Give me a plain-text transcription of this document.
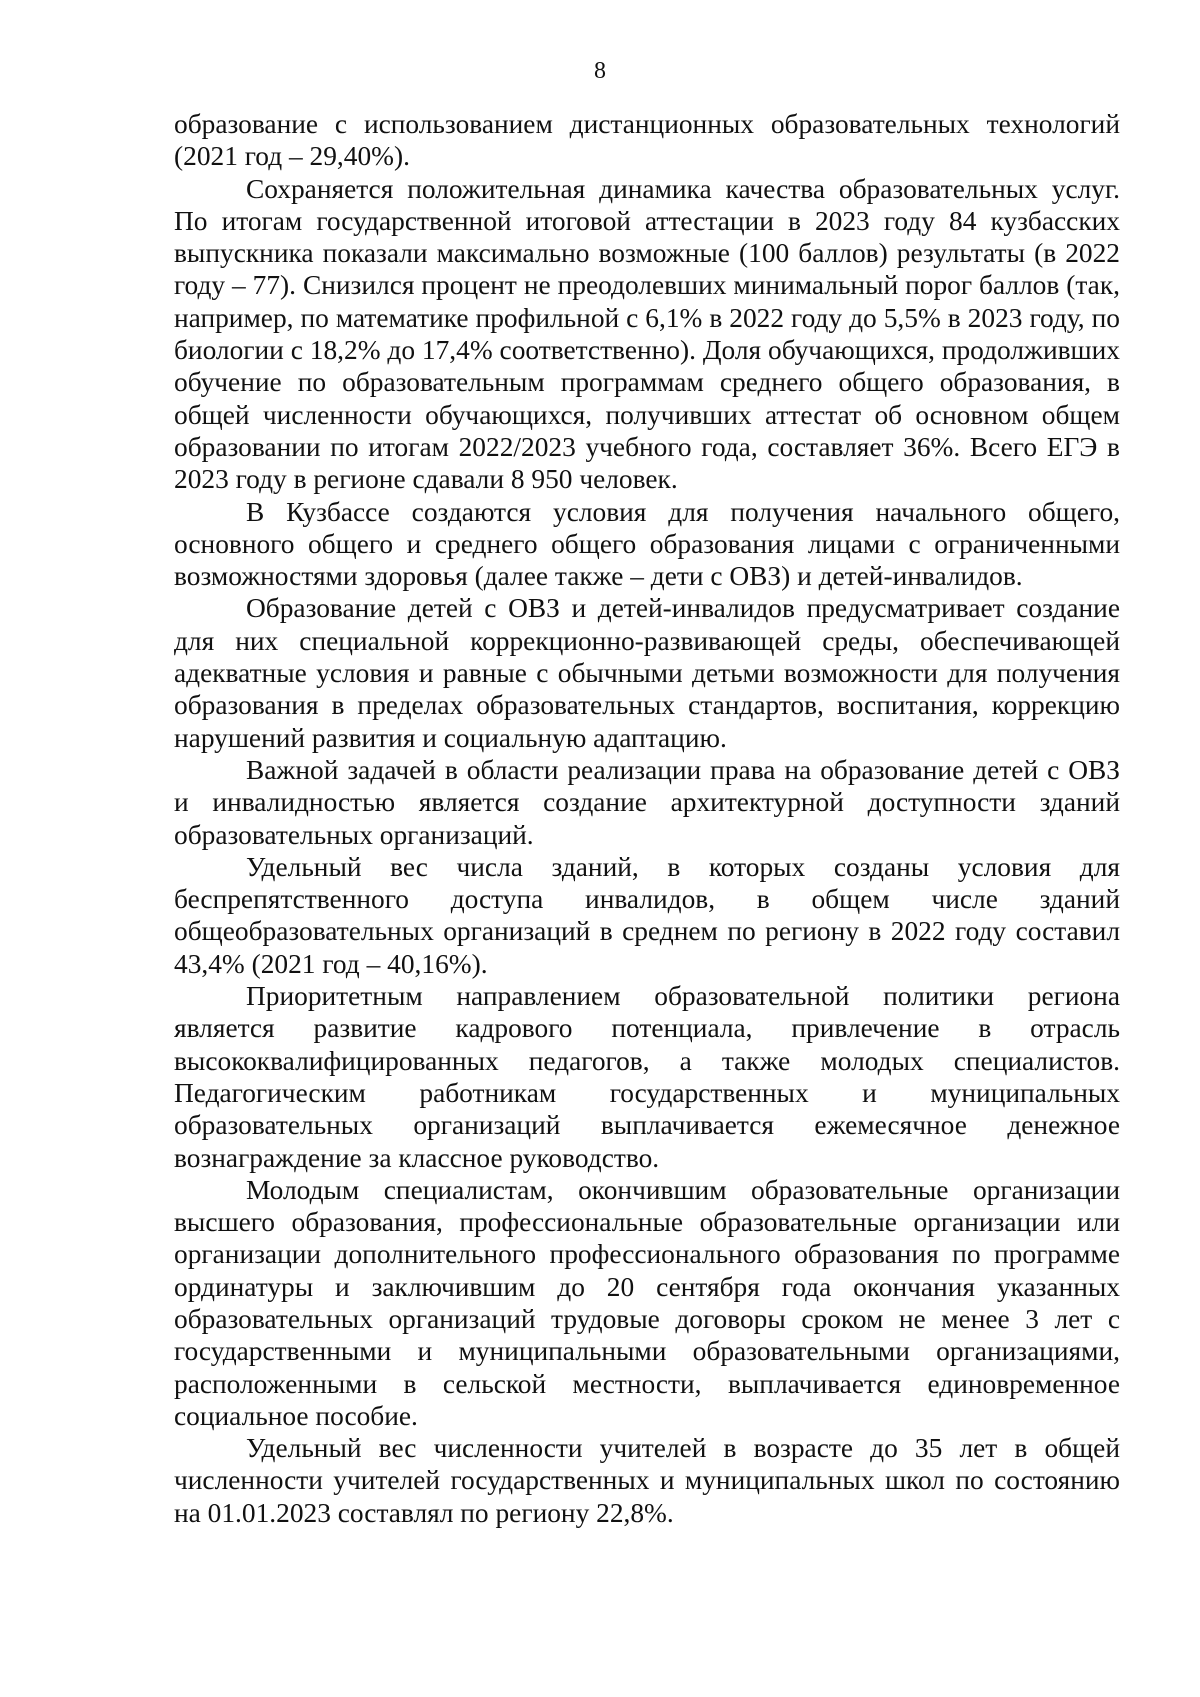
8

образование с использованием дистанционных образовательных технологий (2021 год – 29,40%).

Сохраняется положительная динамика качества образовательных услуг. По итогам государственной итоговой аттестации в 2023 году 84 кузбасских выпускника показали максимально возможные (100 баллов) результаты (в 2022 году – 77). Снизился процент не преодолевших минимальный порог баллов (так, например, по математике профильной с 6,1% в 2022 году до 5,5% в 2023 году, по биологии с 18,2% до 17,4% соответственно). Доля обучающихся, продолживших обучение по образовательным программам среднего общего образования, в общей численности обучающихся, получивших аттестат об основном общем образовании по итогам 2022/2023 учебного года, составляет 36%. Всего ЕГЭ в 2023 году в регионе сдавали 8 950 человек.

В Кузбассе создаются условия для получения начального общего, основного общего и среднего общего образования лицами с ограниченными возможностями здоровья (далее также – дети с ОВЗ) и детей-инвалидов.

Образование детей с ОВЗ и детей-инвалидов предусматривает создание для них специальной коррекционно-развивающей среды, обеспечивающей адекватные условия и равные с обычными детьми возможности для получения образования в пределах образовательных стандартов, воспитания, коррекцию нарушений развития и социальную адаптацию.

Важной задачей в области реализации права на образование детей с ОВЗ и инвалидностью является создание архитектурной доступности зданий образовательных организаций.

Удельный вес числа зданий, в которых созданы условия для беспрепятственного доступа инвалидов, в общем числе зданий общеобразовательных организаций в среднем по региону в 2022 году составил 43,4% (2021 год – 40,16%).

Приоритетным направлением образовательной политики региона является развитие кадрового потенциала, привлечение в отрасль высококвалифицированных педагогов, а также молодых специалистов. Педагогическим работникам государственных и муниципальных образовательных организаций выплачивается ежемесячное денежное вознаграждение за классное руководство.

Молодым специалистам, окончившим образовательные организации высшего образования, профессиональные образовательные организации или организации дополнительного профессионального образования по программе ординатуры и заключившим до 20 сентября года окончания указанных образовательных организаций трудовые договоры сроком не менее 3 лет с государственными и муниципальными образовательными организациями, расположенными в сельской местности, выплачивается единовременное социальное пособие.

Удельный вес численности учителей в возрасте до 35 лет в общей численности учителей государственных и муниципальных школ по состоянию на 01.01.2023 составлял по региону 22,8%.
